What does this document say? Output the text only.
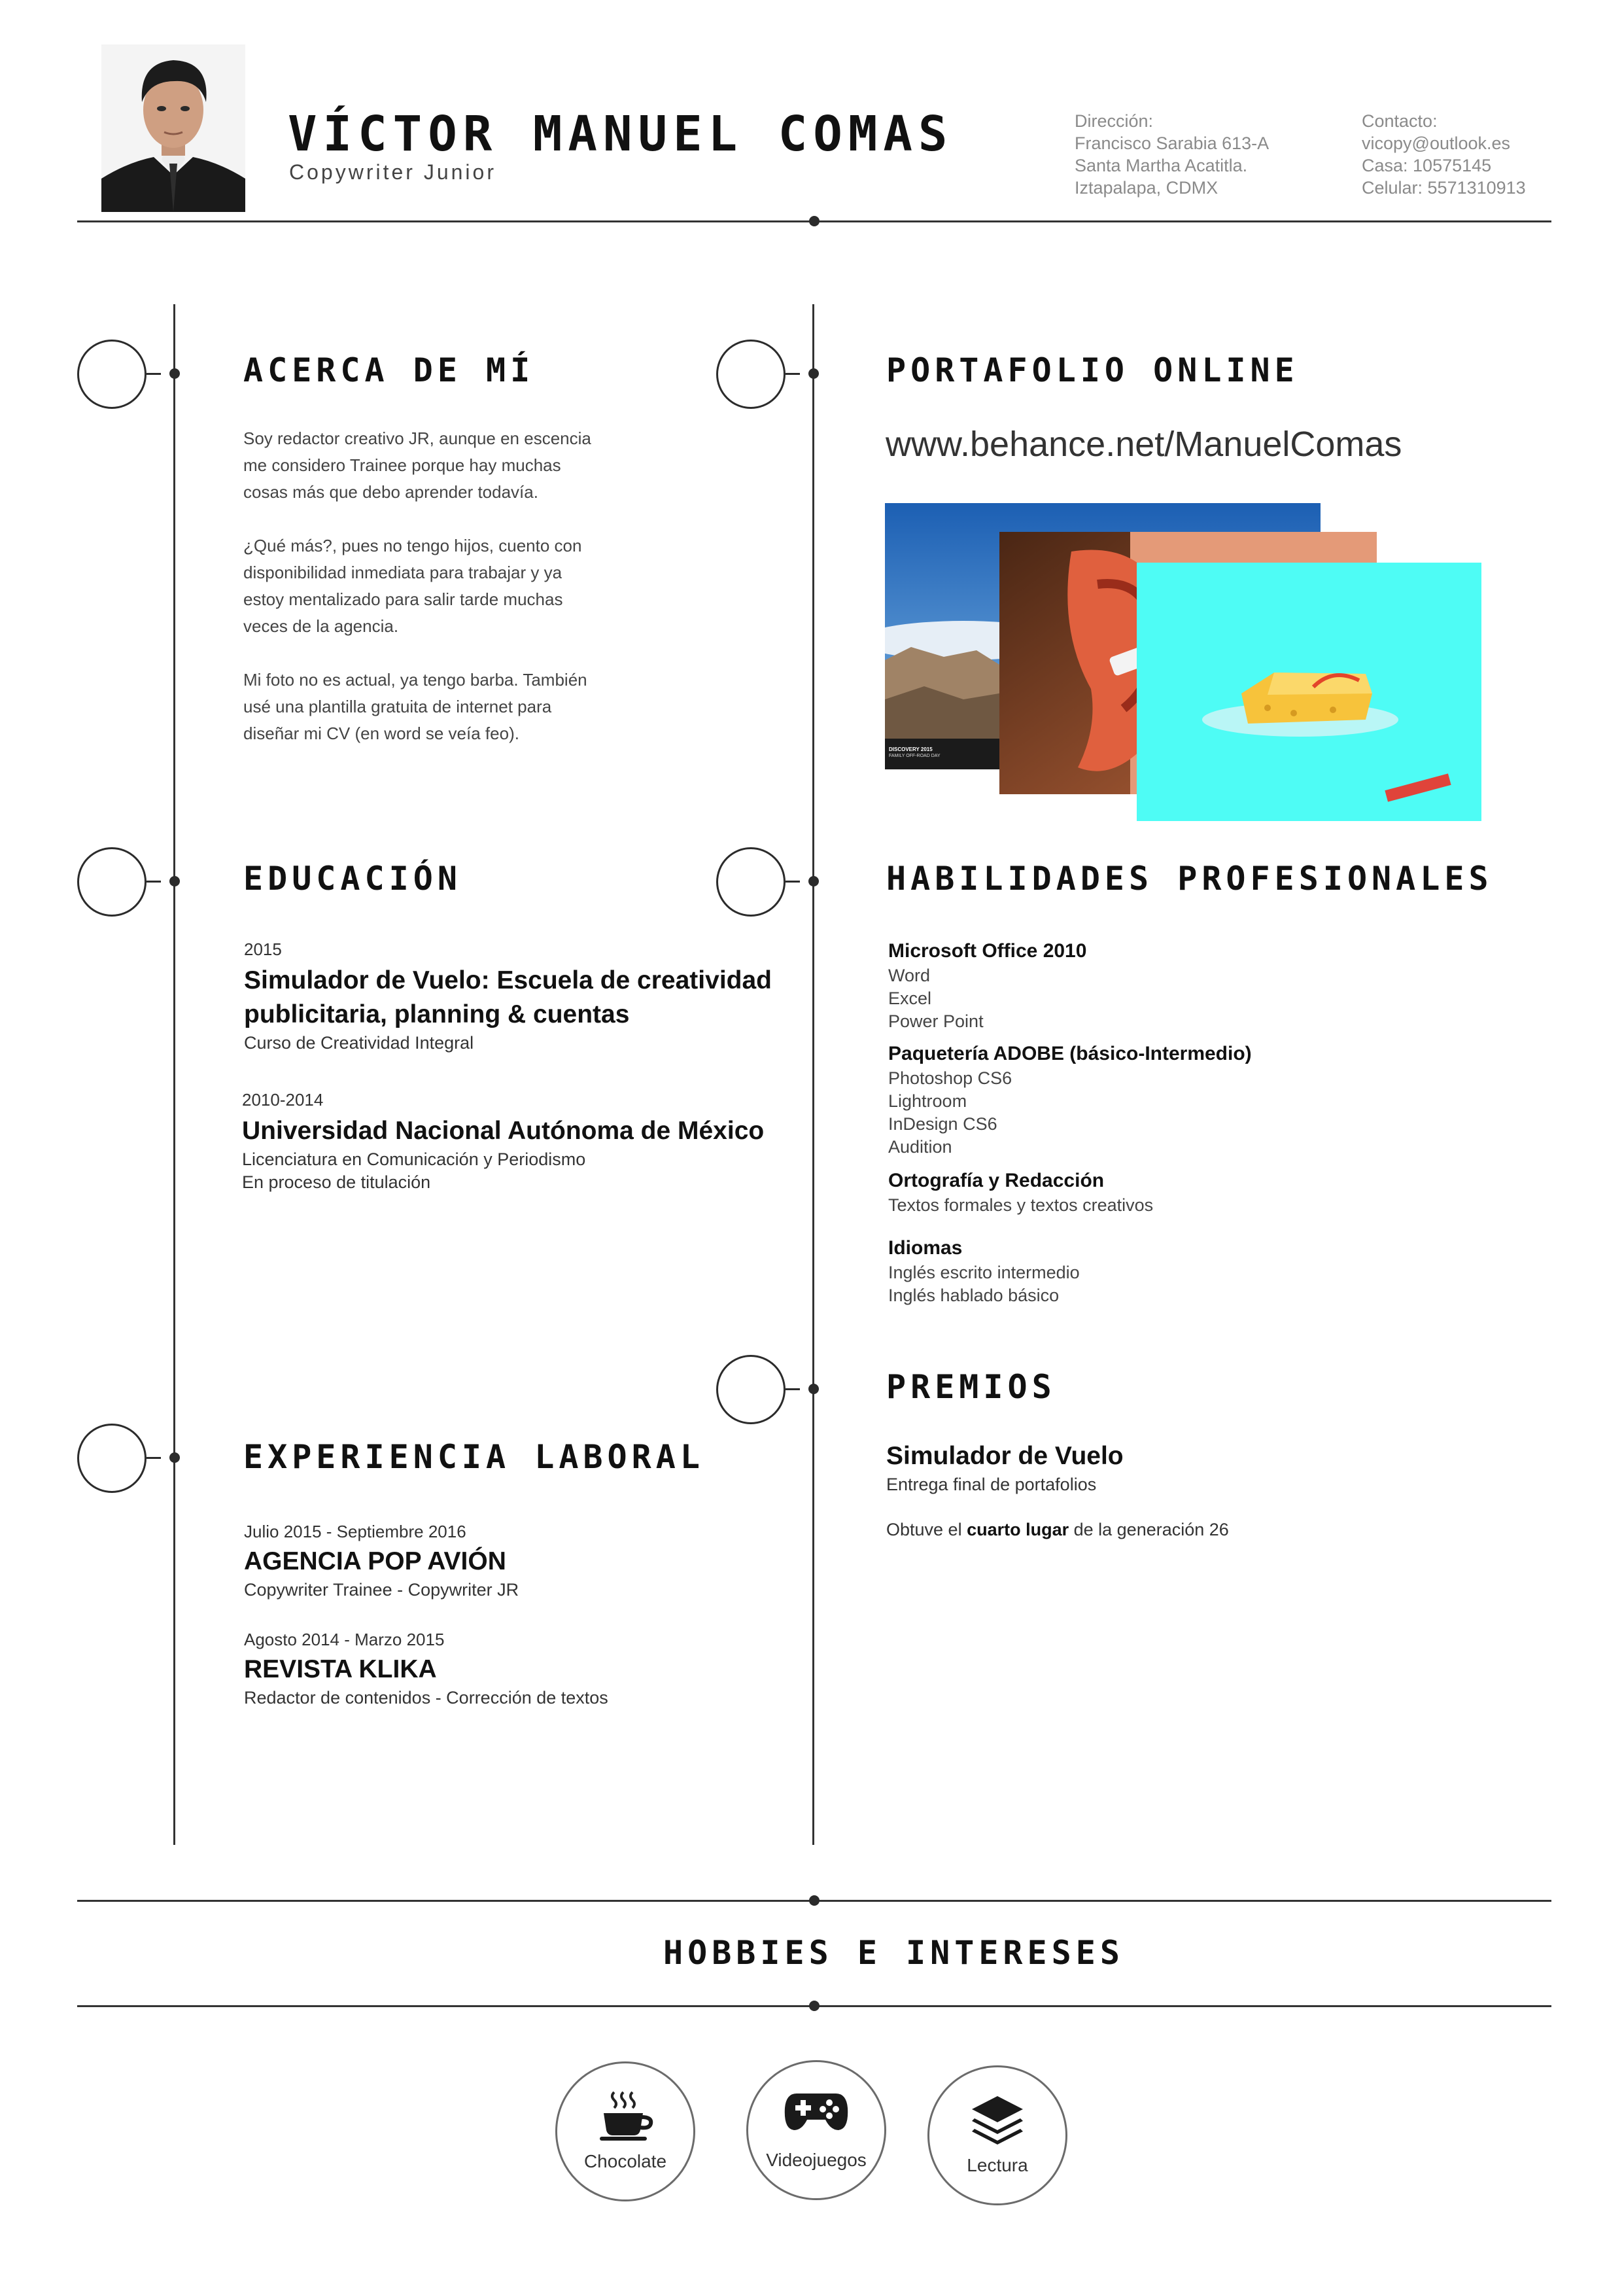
VÍCTOR MANUEL COMAS
Copywriter Junior
Dirección:
Francisco Sarabia 613-A
Santa Martha Acatitla.
Iztapalapa, CDMX
Contacto:
vicopy@outlook.es
Casa: 10575145
Celular: 5571310913
ACERCA DE MÍ
Soy redactor creativo JR, aunque en escencia
me considero Trainee porque hay muchas
cosas más que debo aprender todavía.
¿Qué más?, pues no tengo hijos, cuento con
disponibilidad inmediata para trabajar y ya
estoy mentalizado para salir tarde muchas
veces de la agencia.
Mi foto no es actual, ya tengo barba. También
usé una plantilla gratuita de internet para
diseñar mi CV (en word se veía feo).
PORTAFOLIO ONLINE
www.behance.net/ManuelComas
DISCOVERY 2015
FAMILY OFF-ROAD DAY
EDUCACIÓN
2015
Simulador de Vuelo: Escuela de creatividad
publicitaria, planning & cuentas
Curso de Creatividad Integral
2010-2014
Universidad Nacional Autónoma de México
Licenciatura en Comunicación y Periodismo
En proceso de titulación
HABILIDADES PROFESIONALES
Microsoft Office 2010
Word
Excel
Power Point
Paquetería ADOBE (básico-Intermedio)
Photoshop CS6
Lightroom
InDesign CS6
Audition
Ortografía y Redacción
Textos formales y textos creativos
Idiomas
Inglés escrito intermedio
Inglés hablado básico
PREMIOS
Simulador de Vuelo
Entrega final de portafolios
Obtuve el cuarto lugar de la generación 26
EXPERIENCIA LABORAL
Julio 2015 - Septiembre 2016
AGENCIA POP AVIÓN
Copywriter Trainee - Copywriter JR
Agosto 2014 - Marzo 2015
REVISTA KLIKA
Redactor de contenidos - Corrección de textos
HOBBIES E INTERESES
Chocolate	Videojuegos	Lectura
